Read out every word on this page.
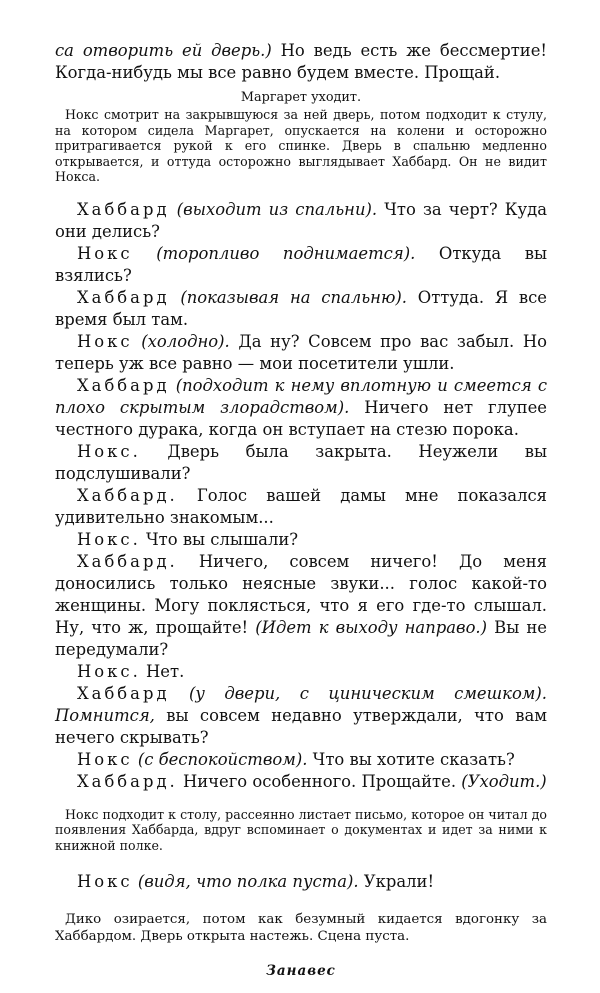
са отворить ей дверь.) Но ведь есть же бессмертие! Когда-нибудь мы все равно будем вместе. Прощай.

Маргарет уходит.

Нокс смотрит на закрывшуюся за ней дверь, потом подходит к стулу, на котором сидела Маргарет, опускается на колени и осторожно притрагивается рукой к его спинке. Дверь в спальню медленно открывается, и оттуда осторожно выглядывает Хаббард. Он не видит Нокса.

Хаббард (выходит из спальни). Что за черт? Куда они делись?

Нокс (торопливо поднимается). Откуда вы взялись?

Хаббард (показывая на спальню). Оттуда. Я все время был там.

Нокс (холодно). Да ну? Совсем про вас забыл. Но теперь уж все равно — мои посетители ушли.

Хаббард (подходит к нему вплотную и смеется с плохо скрытым злорадством). Ничего нет глупее честного дурака, когда он вступает на стезю порока.

Нокс. Дверь была закрыта. Неужели вы подслушивали?

Хаббард. Голос вашей дамы мне показался удивительно знакомым...

Нокс. Что вы слышали?

Хаббард. Ничего, совсем ничего! До меня доносились только неясные звуки... голос какой-то женщины. Могу поклясться, что я его где-то слышал. Ну, что ж, прощайте! (Идет к выходу направо.) Вы не передумали?

Нокс. Нет.

Хаббард (у двери, с циническим смешком). Помнится, вы совсем недавно утверждали, что вам нечего скрывать?

Нокс (с беспокойством). Что вы хотите сказать?

Хаббард. Ничего особенного. Прощайте. (Уходит.)

Нокс подходит к столу, рассеянно листает письмо, которое он читал до появления Хаббарда, вдруг вспоминает о документах и идет за ними к книжной полке.

Нокс (видя, что полка пуста). Украли!

Дико озирается, потом как безумный кидается вдогонку за Хаббардом. Дверь открыта настежь. Сцена пуста.

Занавес
